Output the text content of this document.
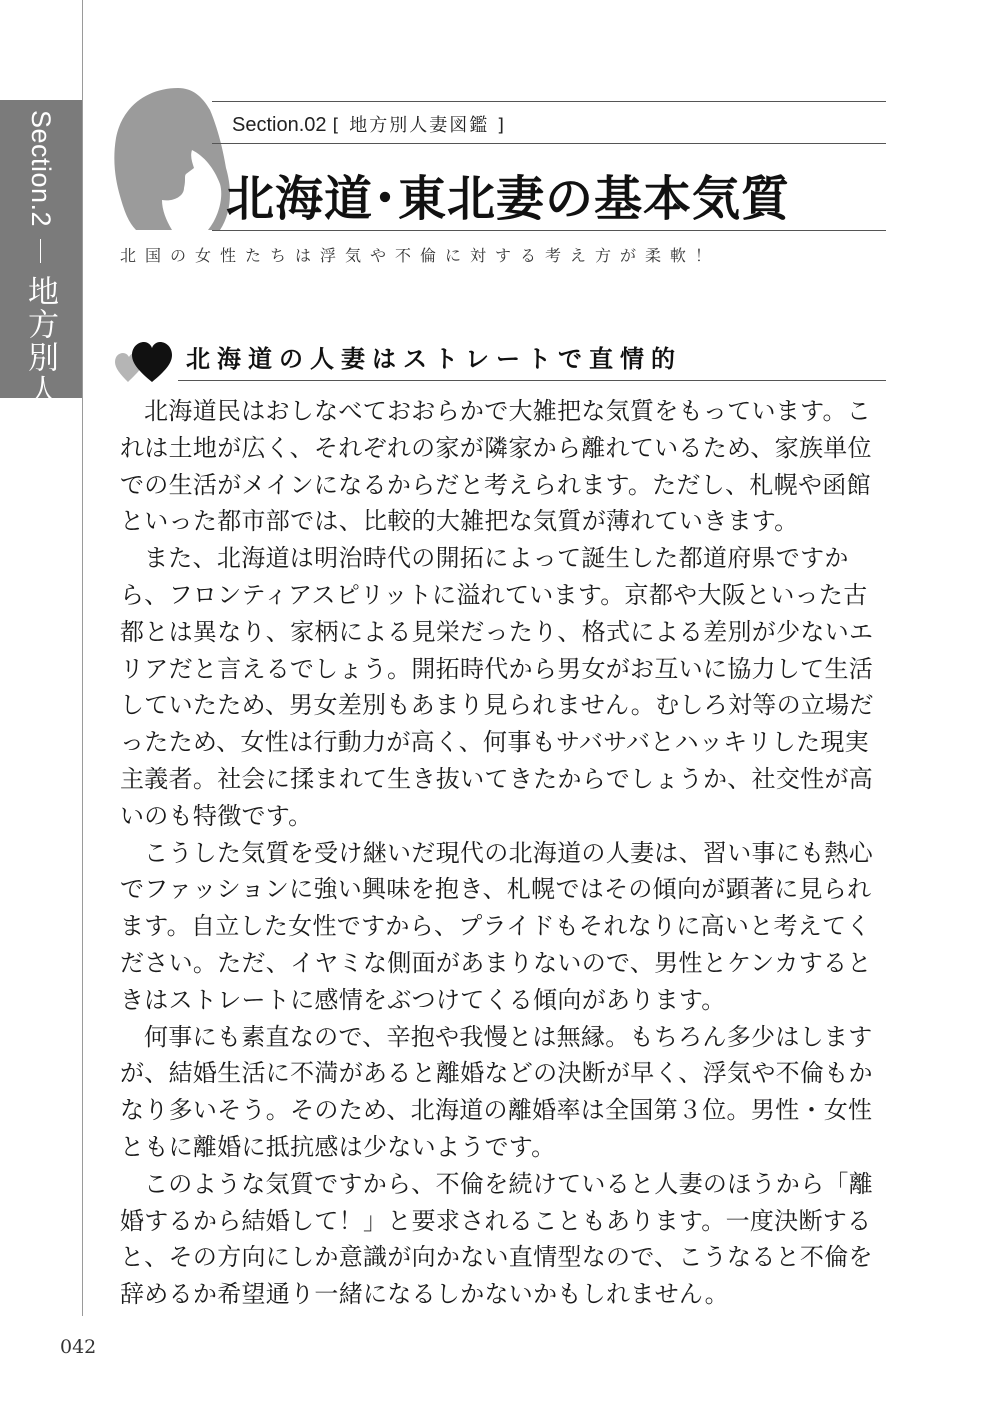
Section.2
地方別人妻図鑑
Section.02 [ 地方別人妻図鑑 ]
北海道･東北妻の基本気質
北国の女性たちは浮気や不倫に対する考え方が柔軟！
北海道の人妻はストレートで直情的

北海道民はおしなべておおらかで大雑把な気質をもっています。これは土地が広く、それぞれの家が隣家から離れているため、家族単位での生活がメインになるからだと考えられます。ただし、札幌や函館といった都市部では、比較的大雑把な気質が薄れていきます。

また、北海道は明治時代の開拓によって誕生した都道府県ですから、フロンティアスピリットに溢れています。京都や大阪といった古都とは異なり、家柄による見栄だったり、格式による差別が少ないエリアだと言えるでしょう。開拓時代から男女がお互いに協力して生活していたため、男女差別もあまり見られません。むしろ対等の立場だったため、女性は行動力が高く、何事もサバサバとハッキリした現実主義者。社会に揉まれて生き抜いてきたからでしょうか、社交性が高いのも特徴です。

こうした気質を受け継いだ現代の北海道の人妻は、習い事にも熱心でファッションに強い興味を抱き、札幌ではその傾向が顕著に見られます。自立した女性ですから、プライドもそれなりに高いと考えてください。ただ、イヤミな側面があまりないので、男性とケンカするときはストレートに感情をぶつけてくる傾向があります。

何事にも素直なので、辛抱や我慢とは無縁。もちろん多少はしますが、結婚生活に不満があると離婚などの決断が早く、浮気や不倫もかなり多いそう。そのため、北海道の離婚率は全国第３位。男性・女性ともに離婚に抵抗感は少ないようです。

このような気質ですから、不倫を続けていると人妻のほうから「離婚するから結婚して！」と要求されることもあります。一度決断すると、その方向にしか意識が向かない直情型なので、こうなると不倫を辞めるか希望通り一緒になるしかないかもしれません。

042
